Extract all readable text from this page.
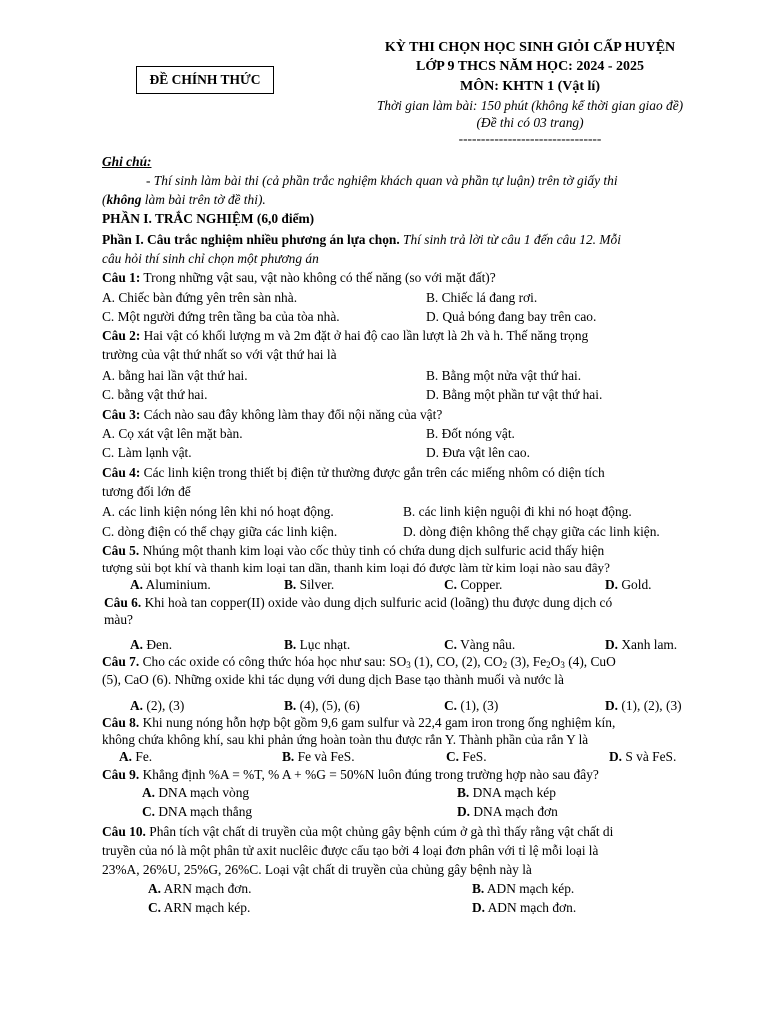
ĐỀ CHÍNH THỨC
KỲ THI CHỌN HỌC SINH GIỎI CẤP HUYỆN
LỚP 9 THCS NĂM HỌC: 2024 - 2025
MÔN: KHTN 1 (Vật lí)
Thời gian làm bài: 150 phút (không kể thời gian giao đề)
(Đề thi có 03 trang)
--------------------------------
Ghi chú:
- Thí sinh làm bài thi (cả phần trắc nghiệm khách quan và phần tự luận) trên tờ giấy thi
(không làm bài trên tờ đề thi).
PHẦN I. TRẮC NGHIỆM (6,0 điểm)
Phần I. Câu trắc nghiệm nhiều phương án lựa chọn. Thí sinh trả lời từ câu 1 đến câu 12. Mỗi
câu hỏi thí sinh chỉ chọn một phương án
Câu 1: Trong những vật sau, vật nào không có thế năng (so với mặt đất)?
A. Chiếc bàn đứng yên trên sàn nhà.	B. Chiếc lá đang rơi.
C. Một người đứng trên tầng ba của tòa nhà.	D. Quả bóng đang bay trên cao.
Câu 2: Hai vật có khối lượng m và 2m đặt ở hai độ cao lần lượt là 2h và h. Thế năng trọng
trường của vật thứ nhất so với vật thứ hai là
A. bằng hai lần vật thứ hai.	B. Bằng một nửa vật thứ hai.
C. bằng vật thứ hai.	D. Bằng một phần tư vật thứ hai.
Câu 3: Cách nào sau đây không làm thay đổi nội năng của vật?
A. Cọ xát vật lên mặt bàn.	B. Đốt nóng vật.
C. Làm lạnh vật.	D. Đưa vật lên cao.
Câu 4: Các linh kiện trong thiết bị điện tử thường được gắn trên các miếng nhôm có diện tích
tương đối lớn để
A. các linh kiện nóng lên khi nó hoạt động.	B. các linh kiện nguội đi khi nó hoạt động.
C. dòng điện có thể chạy giữa các linh kiện.	D. dòng điện không thể chạy giữa các linh kiện.
Câu 5. Nhúng một thanh kim loại vào cốc thủy tinh có chứa dung dịch sulfuric acid thấy hiện
tượng sủi bọt khí và thanh kim loại tan dần, thanh kim loại đó được làm từ kim loại nào sau đây?
A. Aluminium.	B. Silver.	C. Copper.	D. Gold.
Câu 6. Khi hoà tan copper(II) oxide vào dung dịch sulfuric acid (loãng) thu được dung dịch có
màu?
A. Đen.	B. Lục nhạt.	C. Vàng nâu.	D. Xanh lam.
Câu 7. Cho các oxide có công thức hóa học như sau: $SO_3$ (1), CO, (2), $CO_2$ (3), $Fe_2O_3$ (4), CuO
(5), CaO (6). Những oxide khi tác dụng với dung dịch Base tạo thành muối và nước là
A. (2), (3)	B. (4), (5), (6)	C. (1), (3)	D. (1), (2), (3)
Câu 8. Khi nung nóng hỗn hợp bột gồm 9,6 gam sulfur và 22,4 gam iron trong ống nghiệm kín,
không chứa không khí, sau khi phản ứng hoàn toàn thu được rắn Y. Thành phần của rắn Y là
A. Fe.	B. Fe và FeS.	C. FeS.	D. S và FeS.
Câu 9. Khẳng định %A = %T, % A + %G = 50%N luôn đúng trong trường hợp nào sau đây?
A. DNA mạch vòng	B. DNA mạch kép
C. DNA mạch thẳng	D. DNA mạch đơn
Câu 10. Phân tích vật chất di truyền của một chủng gây bệnh cúm ở gà thì thấy rằng vật chất di
truyền của nó là một phân tử axit nuclêic được cấu tạo bởi 4 loại đơn phân với tỉ lệ mỗi loại là
23%A, 26%U, 25%G, 26%C. Loại vật chất di truyền của chủng gây bệnh này là
A. ARN mạch đơn.	B. ADN mạch kép.
C. ARN mạch kép.	D. ADN mạch đơn.
